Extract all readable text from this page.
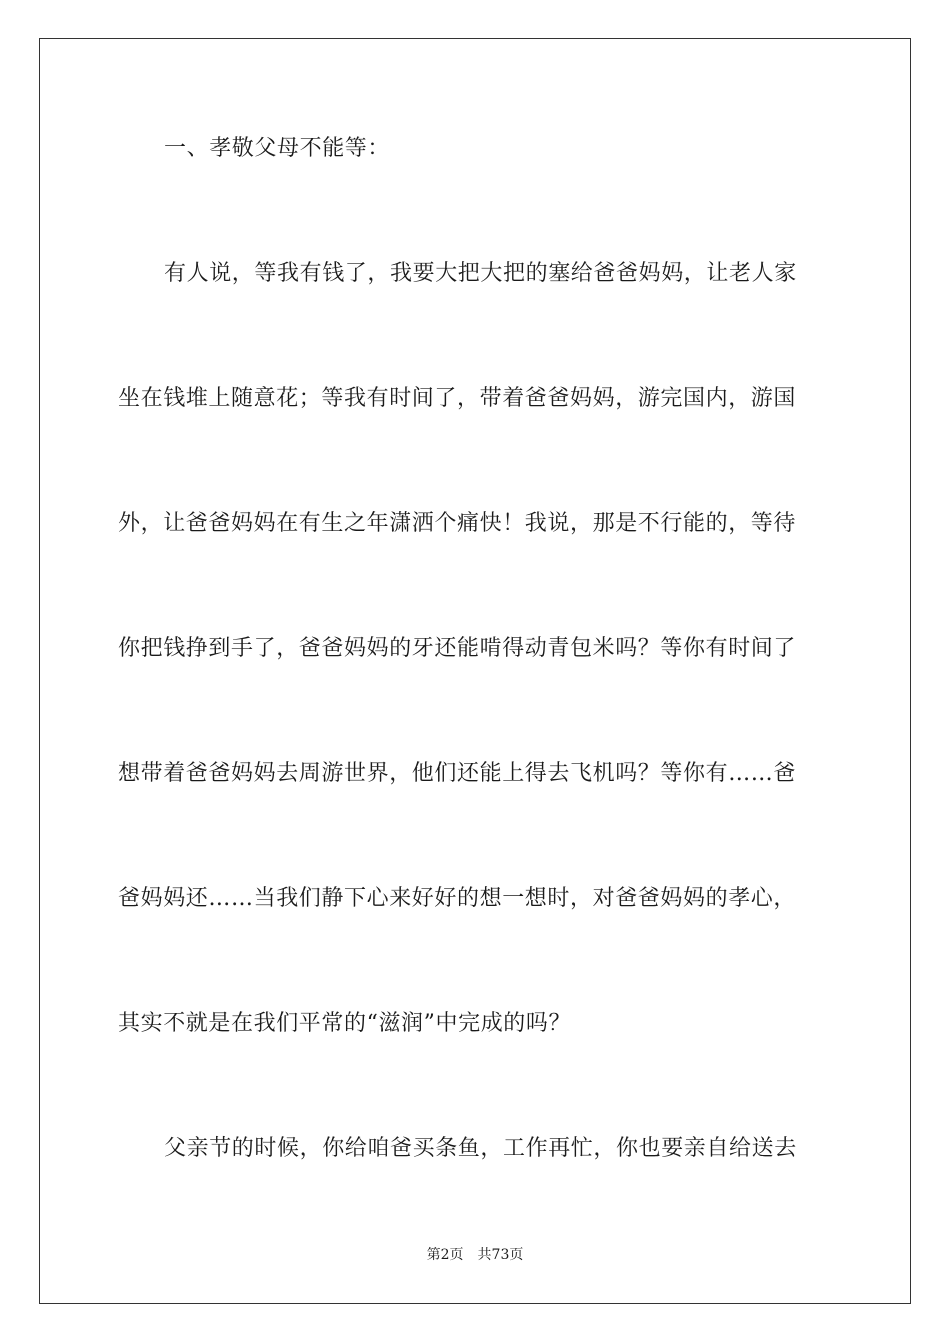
一、孝敬父母不能等：
有人说，等我有钱了，我要大把大把的塞给爸爸妈妈，让老人家
坐在钱堆上随意花；等我有时间了，带着爸爸妈妈，游完国内，游国
外，让爸爸妈妈在有生之年潇洒个痛快！我说，那是不行能的，等待
你把钱挣到手了，爸爸妈妈的牙还能啃得动青包米吗？等你有时间了
想带着爸爸妈妈去周游世界，他们还能上得去飞机吗？等你有……爸
爸妈妈还……当我们静下心来好好的想一想时，对爸爸妈妈的孝心，
其实不就是在我们平常的“滋润”中完成的吗？
父亲节的时候，你给咱爸买条鱼，工作再忙，你也要亲自给送去
第2页 共73页
